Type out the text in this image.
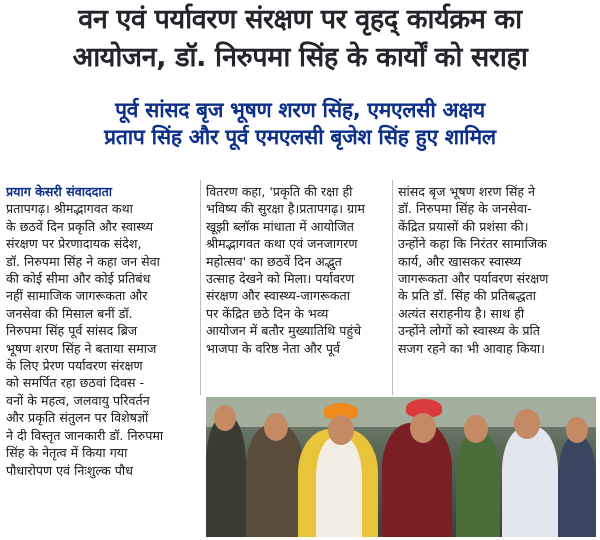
वन एवं पर्यावरण संरक्षण पर वृहद् कार्यक्रम का
आयोजन, डॉ. निरुपमा सिंह के कार्यों को सराहा
पूर्व सांसद बृज भूषण शरण सिंह, एमएलसी अक्षय
प्रताप सिंह और पूर्व एमएलसी बृजेश सिंह हुए शामिल
प्रयाग केसरी संवाददाता
प्रतापगढ़। श्रीमद्भागवत कथा
के छठवें दिन प्रकृति और स्वास्थ्य
संरक्षण पर प्रेरणादायक संदेश,
डॉ. निरुपमा सिंह ने कहा जन सेवा
की कोई सीमा और कोई प्रतिबंध
नहीं सामाजिक जागरूकता और
जनसेवा की मिसाल बनीं डॉ.
निरुपमा सिंह पूर्व सांसद ब्रिज
भूषण शरण सिंह ने बताया समाज
के लिए प्रेरण पर्यावरण संरक्षण
को समर्पित रहा छठवां दिवस -
वनों के महत्व, जलवायु परिवर्तन
और प्रकृति संतुलन पर विशेषज्ञों
ने दी विस्तृत जानकारी डॉ. निरुपमा
सिंह के नेतृत्व में किया गया
पौधारोपण एवं निःशुल्क पौध
वितरण कहा, 'प्रकृति की रक्षा ही
भविष्य की सुरक्षा है।प्रतापगढ़। ग्राम
खूझी ब्लॉक मांधाता में आयोजित
श्रीमद्भागवत कथा एवं जनजागरण
महोत्सव' का छठवें दिन अद्भुत
उत्साह देखने को मिला। पर्यावरण
संरक्षण और स्वास्थ्य-जागरूकता
पर केंद्रित छठे दिन के भव्य
आयोजन में बतौर मुख्यातिथि पहुंचे
भाजपा के वरिष्ठ नेता और पूर्व
सांसद बृज भूषण शरण सिंह ने
डॉ. निरुपमा सिंह के जनसेवा-
केंद्रित प्रयासों की प्रशंसा की।
उन्होंने कहा कि निरंतर सामाजिक
कार्य, और खासकर स्वास्थ्य
जागरूकता और पर्यावरण संरक्षण
के प्रति डॉ. सिंह की प्रतिबद्धता
अत्यंत सराहनीय है। साथ ही
उन्होंने लोगों को स्वास्थ्य के प्रति
सजग रहने का भी आवाह किया।
